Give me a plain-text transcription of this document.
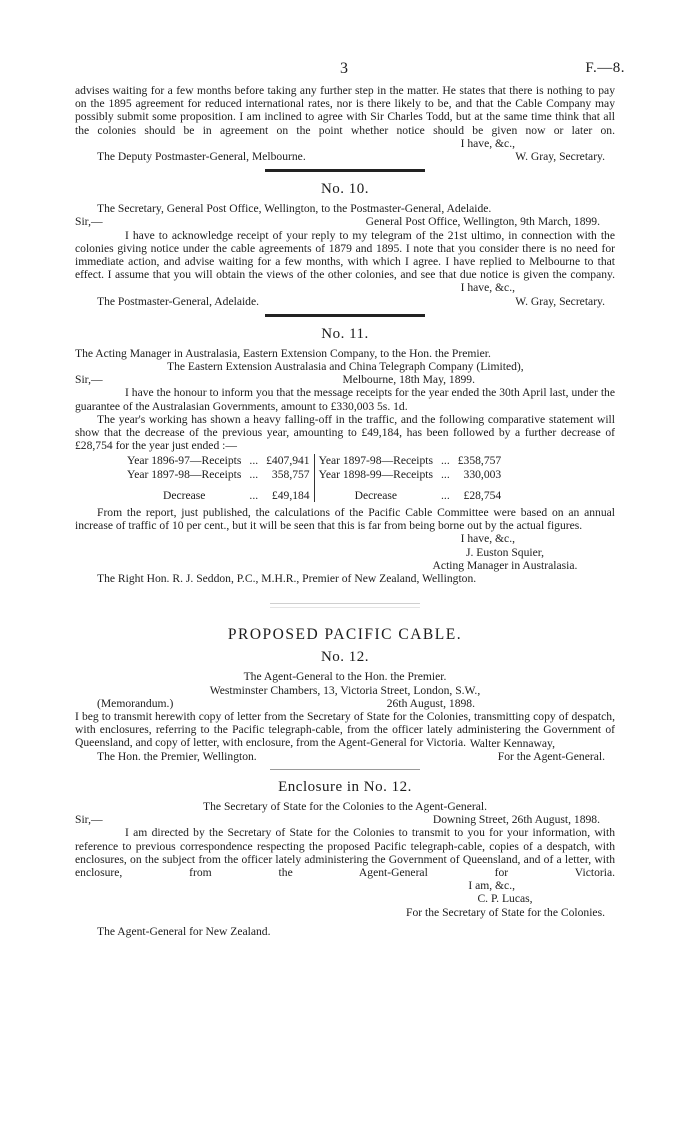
3	F.—8.

advises waiting for a few months before taking any further step in the matter. He states that there is nothing to pay on the 1895 agreement for reduced international rates, nor is there likely to be, and that the Cable Company may possibly submit some proposition. I am inclined to agree with Sir Charles Todd, but at the same time think that all the colonies should be in agreement on the point whether notice should be given now or later on.

I have, &c.,
The Deputy Postmaster-General, Melbourne.	W. Gray, Secretary.
No. 10.

The Secretary, General Post Office, Wellington, to the Postmaster-General, Adelaide.

Sir,—	General Post Office, Wellington, 9th March, 1899.

I have to acknowledge receipt of your reply to my telegram of the 21st ultimo, in connection with the colonies giving notice under the cable agreements of 1879 and 1895. I note that you consider there is no need for immediate action, and advise waiting for a few months, with which I agree. I have replied to Melbourne to that effect. I assume that you will obtain the views of the other colonies, and see that due notice is given the company.

I have, &c.,
The Postmaster-General, Adelaide.	W. Gray, Secretary.
No. 11.

The Acting Manager in Australasia, Eastern Extension Company, to the Hon. the Premier.

The Eastern Extension Australasia and China Telegraph Company (Limited),
Sir,—	Melbourne, 18th May, 1899.

I have the honour to inform you that the message receipts for the year ended the 30th April last, under the guarantee of the Australasian Governments, amount to £330,003 5s. 1d.

The year's working has shown a heavy falling-off in the traffic, and the following comparative statement will show that the decrease of the previous year, amounting to £49,184, has been followed by a further decrease of £28,754 for the year just ended :—

Year 1896-97—Receipts	...	£407,941	Year 1897-98—Receipts	...	£358,757
Year 1897-98—Receipts	...	358,757	Year 1898-99—Receipts	...	330,003
Decrease	...	£49,184	Decrease	...	£28,754

From the report, just published, the calculations of the Pacific Cable Committee were based on an annual increase of traffic of 10 per cent., but it will be seen that this is far from being borne out by the actual figures.

I have, &c.,
J. Euston Squier,
Acting Manager in Australasia.
The Right Hon. R. J. Seddon, P.C., M.H.R., Premier of New Zealand, Wellington.
PROPOSED PACIFIC CABLE.
No. 12.
The Agent-General to the Hon. the Premier.
Westminster Chambers, 13, Victoria Street, London, S.W.,
(Memorandum.)	26th August, 1898.

I beg to transmit herewith copy of letter from the Secretary of State for the Colonies, transmitting copy of despatch, with enclosures, referring to the Pacific telegraph-cable, from the officer lately administering the Government of Queensland, and copy of letter, with enclosure, from the Agent-General for Victoria. Walter Kennaway,
The Hon. the Premier, Wellington.	For the Agent-General.
Enclosure in No. 12.
The Secretary of State for the Colonies to the Agent-General.
Sir,—	Downing Street, 26th August, 1898.

I am directed by the Secretary of State for the Colonies to transmit to you for your information, with reference to previous correspondence respecting the proposed Pacific telegraph-cable, copies of a despatch, with enclosures, on the subject from the officer lately administering the Government of Queensland, and of a letter, with enclosure, from the Agent-General for Victoria.

I am, &c.,
C. P. Lucas,
For the Secretary of State for the Colonies.
The Agent-General for New Zealand.
